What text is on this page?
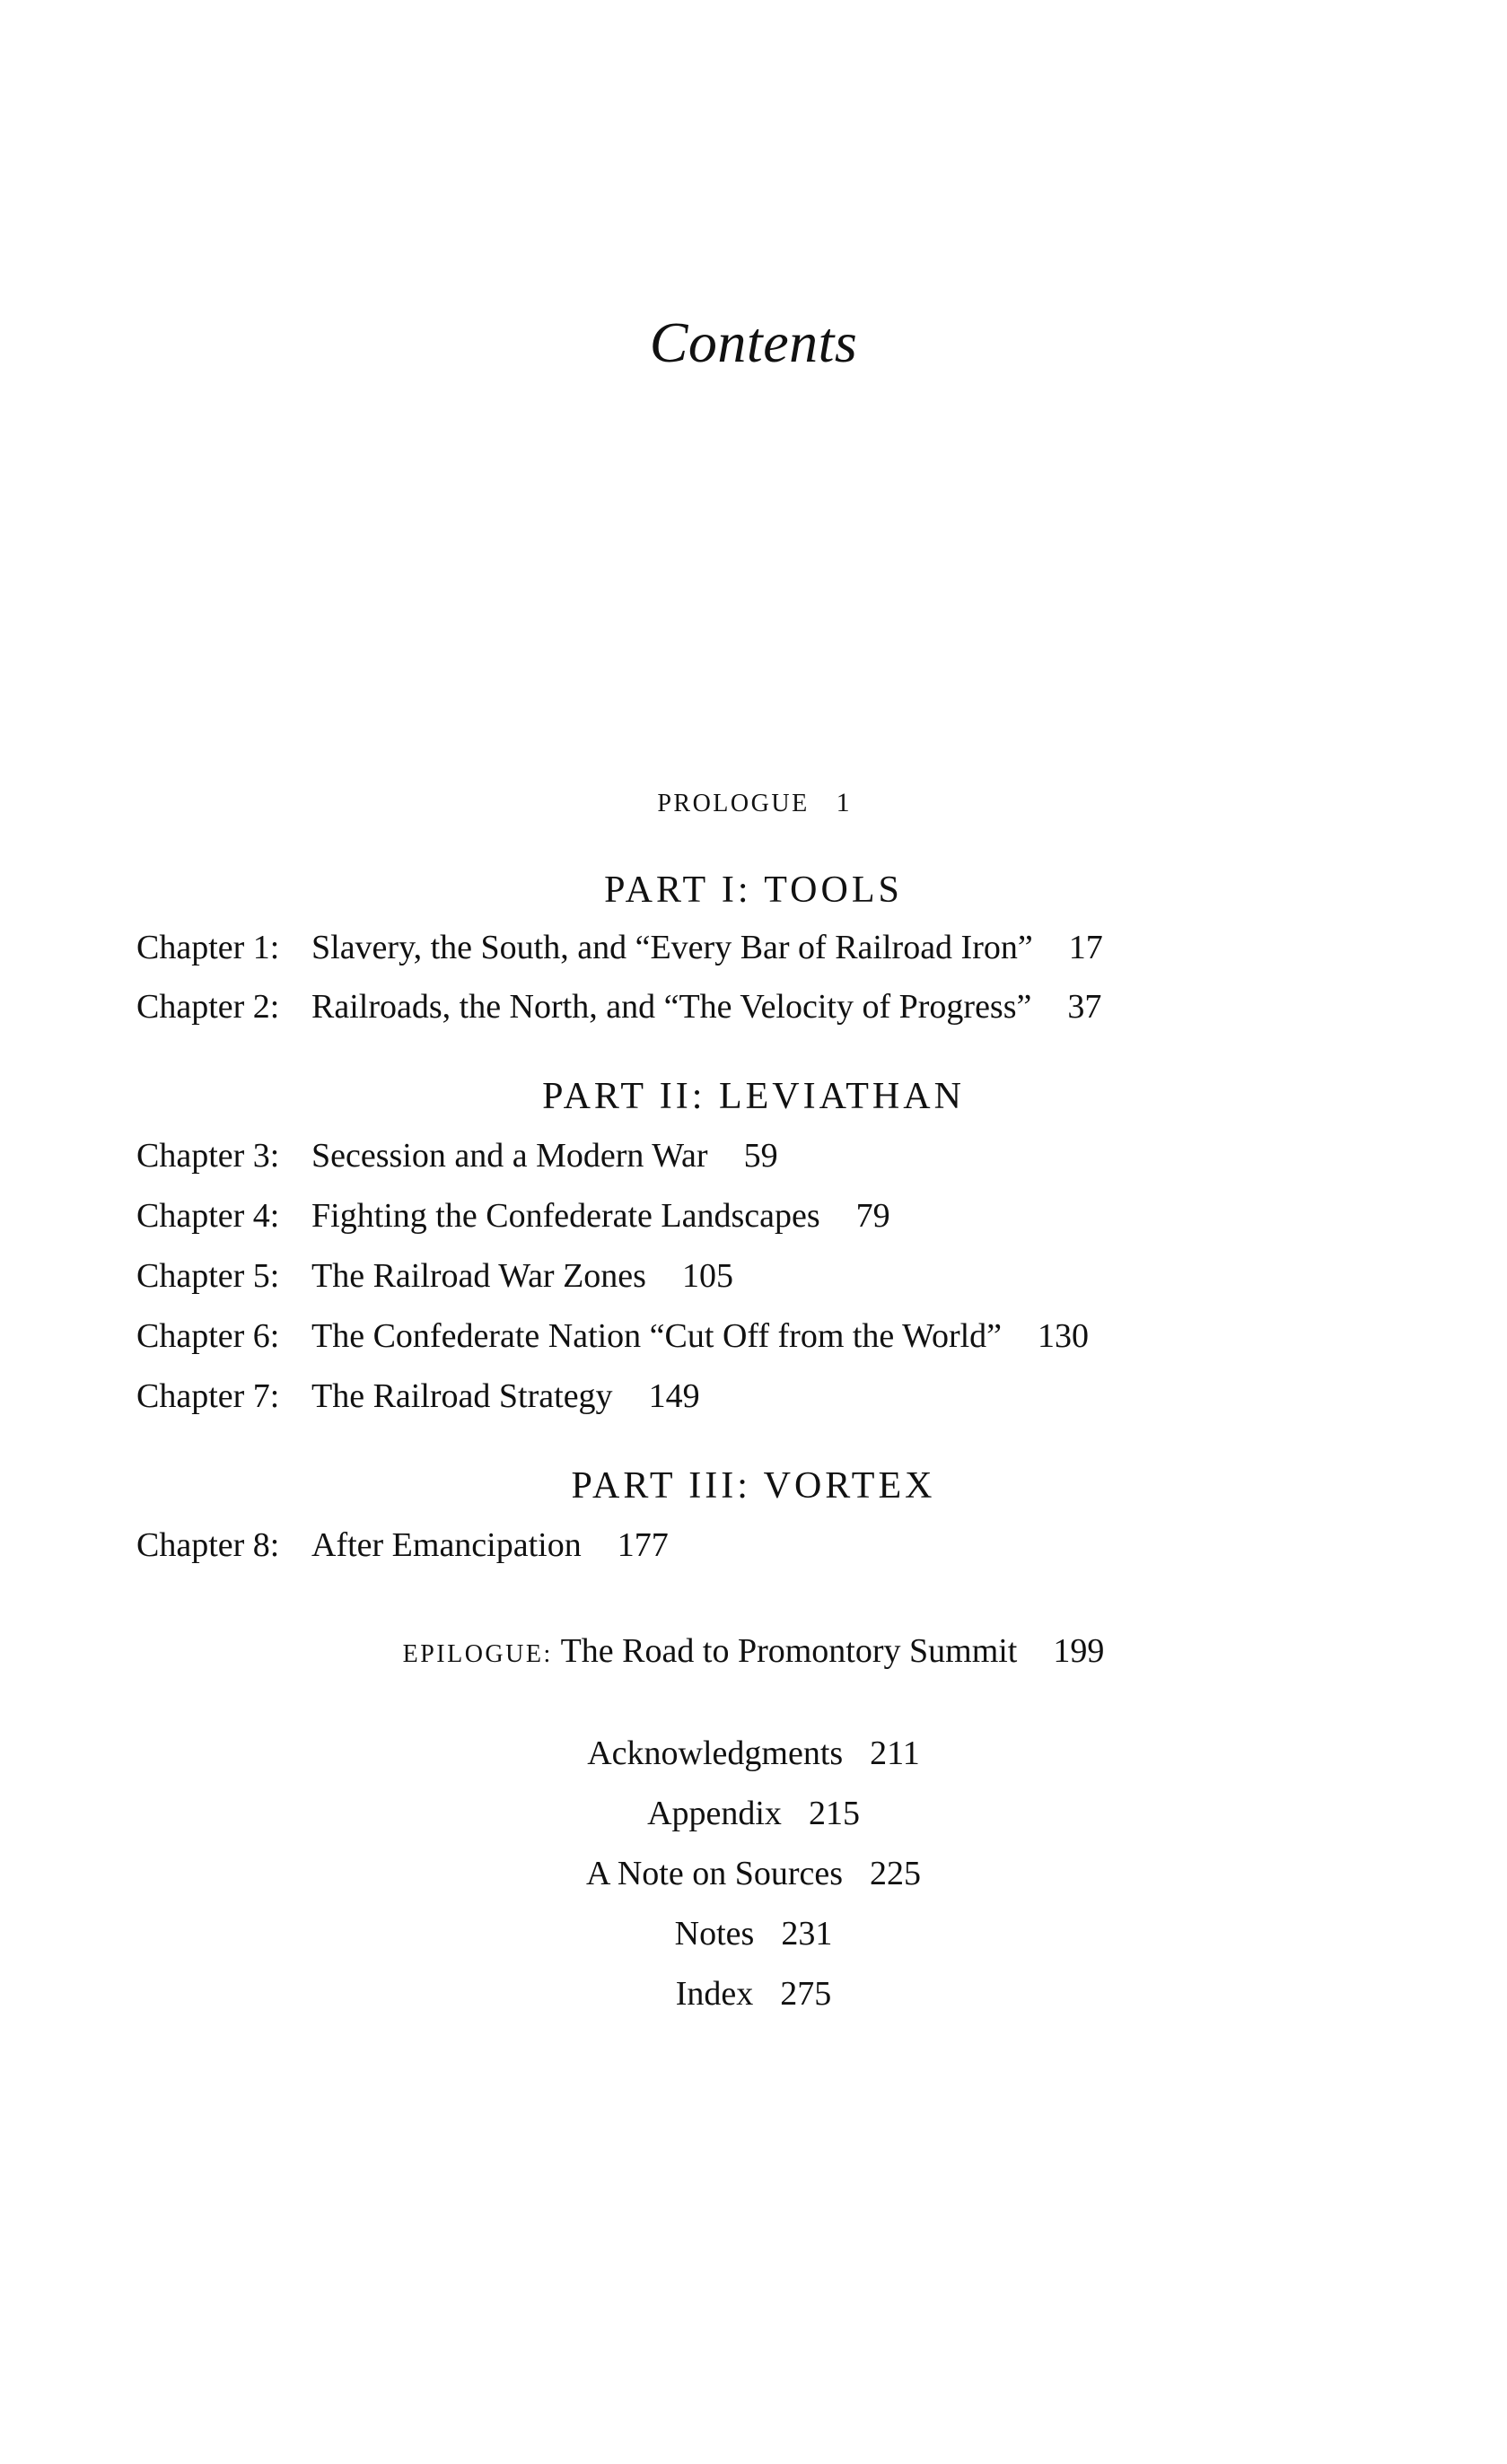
Contents
PROLOGUE 1
PART I: TOOLS
Chapter 1: Slavery, the South, and “Every Bar of Railroad Iron” 17
Chapter 2: Railroads, the North, and “The Velocity of Progress” 37
PART II: LEVIATHAN
Chapter 3: Secession and a Modern War 59
Chapter 4: Fighting the Confederate Landscapes 79
Chapter 5: The Railroad War Zones 105
Chapter 6: The Confederate Nation “Cut Off from the World” 130
Chapter 7: The Railroad Strategy 149
PART III: VORTEX
Chapter 8: After Emancipation 177
EPILOGUE: The Road to Promontory Summit 199
Acknowledgments 211
Appendix 215
A Note on Sources 225
Notes 231
Index 275
